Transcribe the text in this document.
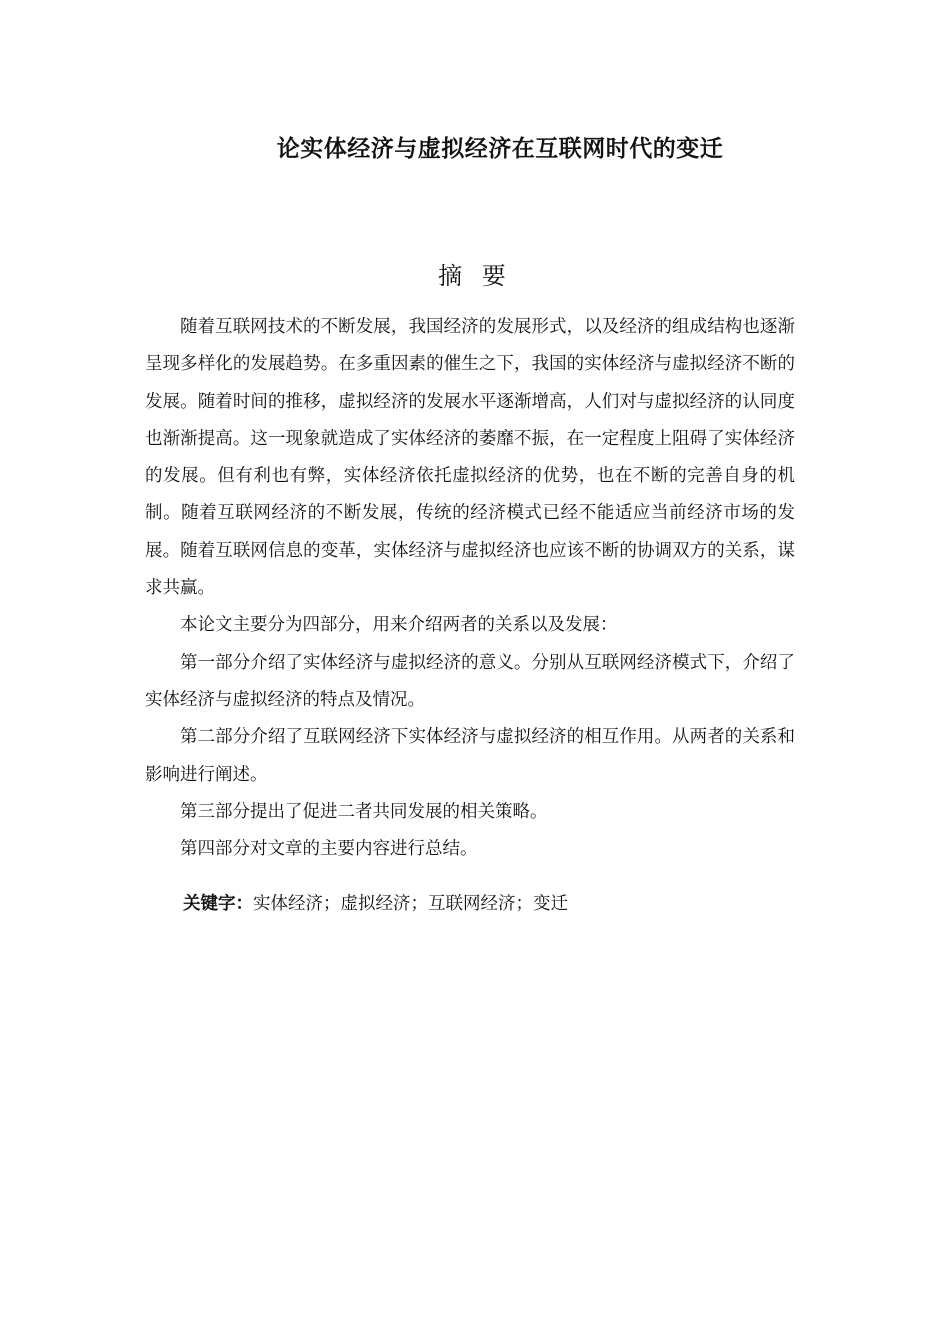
论实体经济与虚拟经济在互联网时代的变迁
摘 要

随着互联网技术的不断发展，我国经济的发展形式，以及经济的组成结构也逐渐呈现多样化的发展趋势。在多重因素的催生之下，我国的实体经济与虚拟经济不断的发展。随着时间的推移，虚拟经济的发展水平逐渐增高，人们对与虚拟经济的认同度也渐渐提高。这一现象就造成了实体经济的萎靡不振，在一定程度上阻碍了实体经济的发展。但有利也有弊，实体经济依托虚拟经济的优势，也在不断的完善自身的机制。随着互联网经济的不断发展，传统的经济模式已经不能适应当前经济市场的发展。随着互联网信息的变革，实体经济与虚拟经济也应该不断的协调双方的关系，谋求共赢。

本论文主要分为四部分，用来介绍两者的关系以及发展：

第一部分介绍了实体经济与虚拟经济的意义。分别从互联网经济模式下，介绍了实体经济与虚拟经济的特点及情况。

第二部分介绍了互联网经济下实体经济与虚拟经济的相互作用。从两者的关系和影响进行阐述。

第三部分提出了促进二者共同发展的相关策略。

第四部分对文章的主要内容进行总结。

关键字：实体经济；虚拟经济；互联网经济；变迁
